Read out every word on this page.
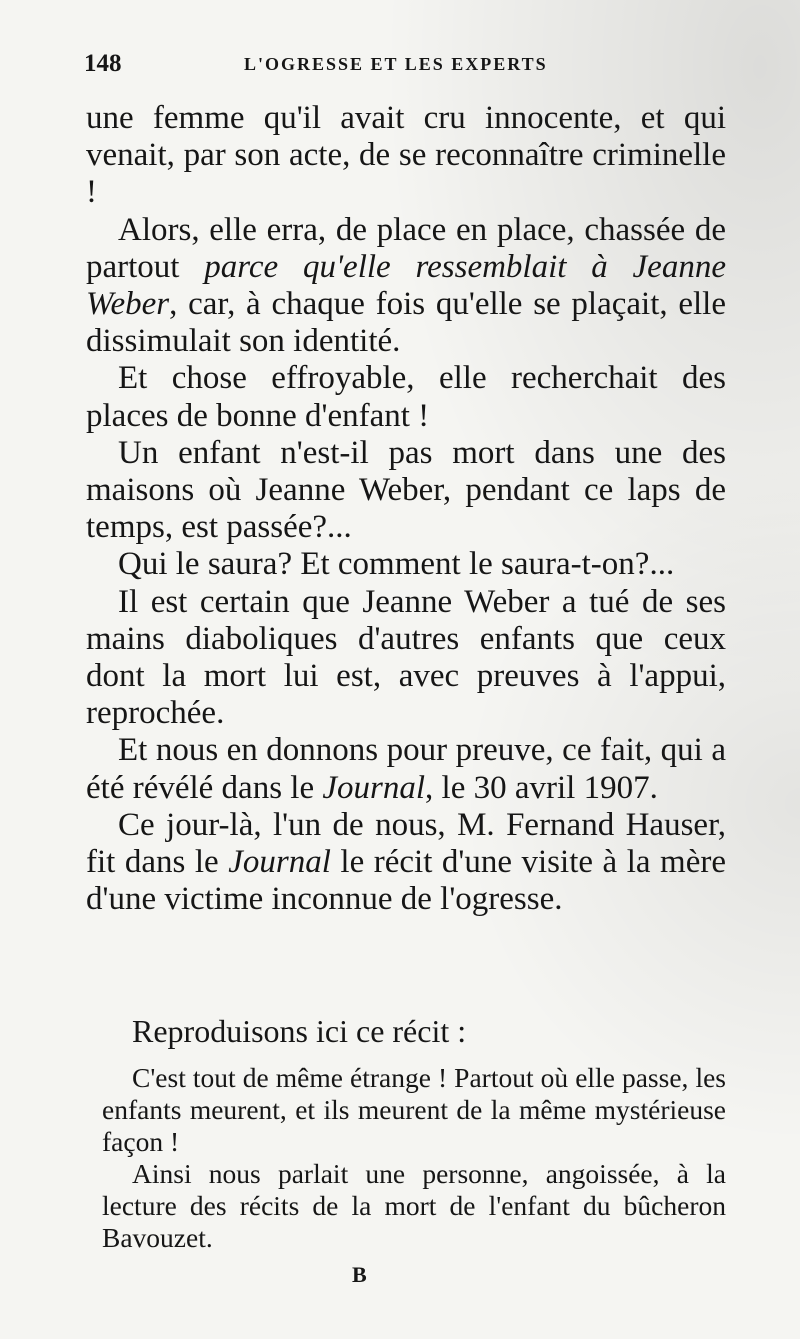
148	L'OGRESSE ET LES EXPERTS

une femme qu'il avait cru innocente, et qui venait, par son acte, de se reconnaître criminelle !

Alors, elle erra, de place en place, chassée de partout parce qu'elle ressemblait à Jeanne Weber, car, à chaque fois qu'elle se plaçait, elle dissimulait son identité.

Et chose effroyable, elle recherchait des places de bonne d'enfant !

Un enfant n'est-il pas mort dans une des maisons où Jeanne Weber, pendant ce laps de temps, est passée?...

Qui le saura? Et comment le saura-t-on?...

Il est certain que Jeanne Weber a tué de ses mains diaboliques d'autres enfants que ceux dont la mort lui est, avec preuves à l'appui, reprochée.

Et nous en donnons pour preuve, ce fait, qui a été révélé dans le Journal, le 30 avril 1907.

Ce jour-là, l'un de nous, M. Fernand Hauser, fit dans le Journal le récit d'une visite à la mère d'une victime inconnue de l'ogresse.

Reproduisons ici ce récit :

C'est tout de même étrange ! Partout où elle passe, les enfants meurent, et ils meurent de la même mystérieuse façon !

Ainsi nous parlait une personne, angoissée, à la lecture des récits de la mort de l'enfant du bûcheron Bavouzet.

B
